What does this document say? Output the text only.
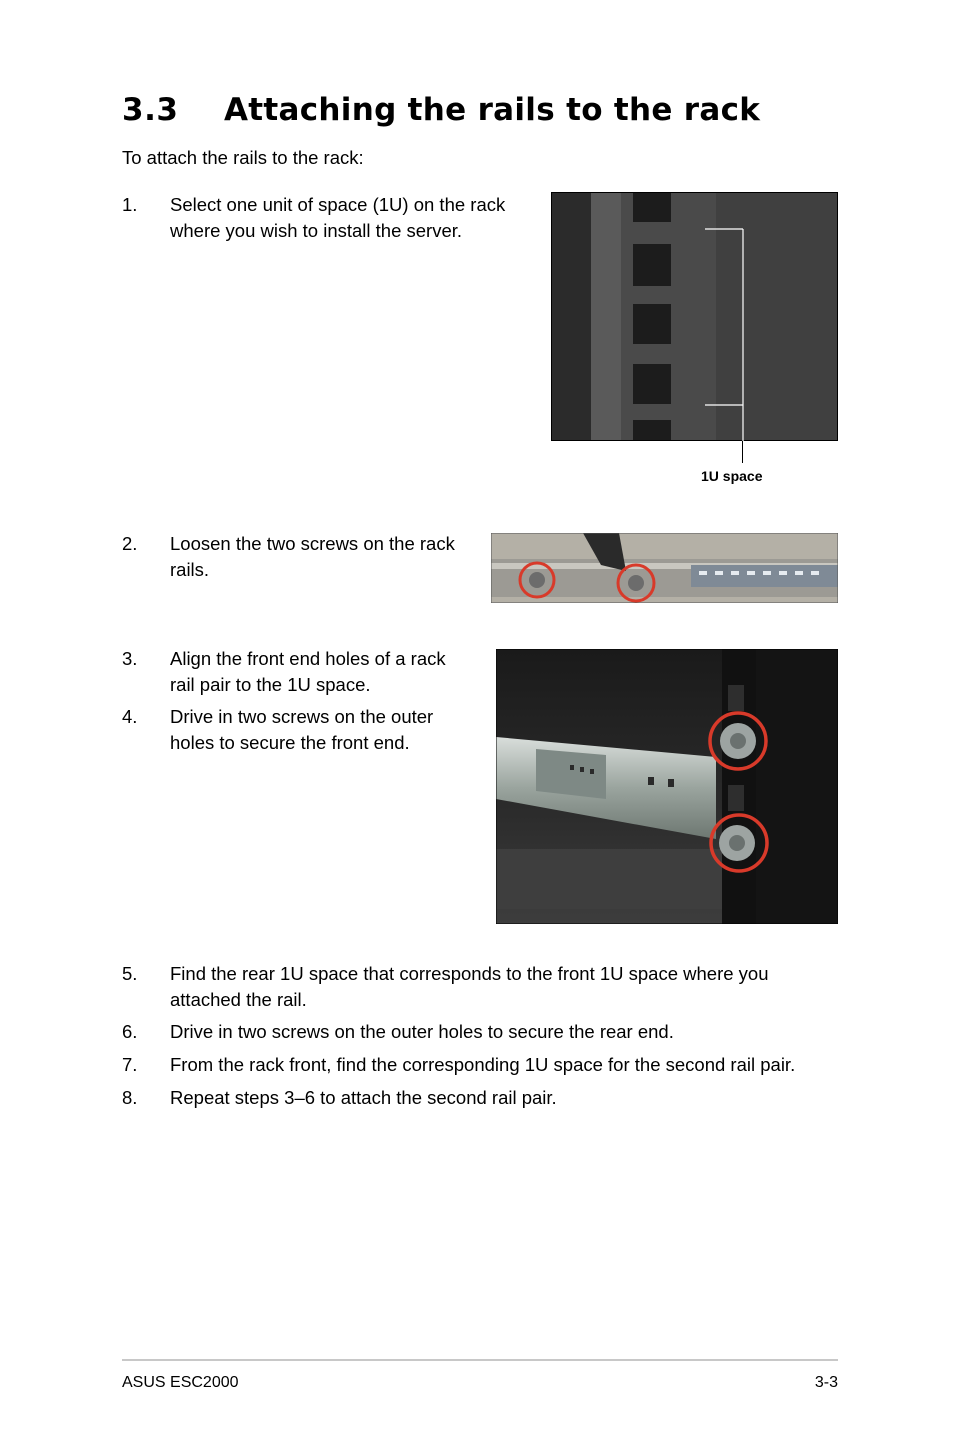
3.3 Attaching the rails to the rack
To attach the rails to the rack:
1. Select one unit of space (1U) on the rack where you wish to install the server.
1U space
2. Loosen the two screws on the rack rails.
3. Align the front end holes of a rack rail pair to the 1U space.
4. Drive in two screws on the outer holes to secure the front end.
5. Find the rear 1U space that corresponds to the front 1U space where you attached the rail.
6. Drive in two screws on the outer holes to secure the rear end.
7. From the rack front, find the corresponding 1U space for the second rail pair.
8. Repeat steps 3–6 to attach the second rail pair.
ASUS ESC2000	3-3
